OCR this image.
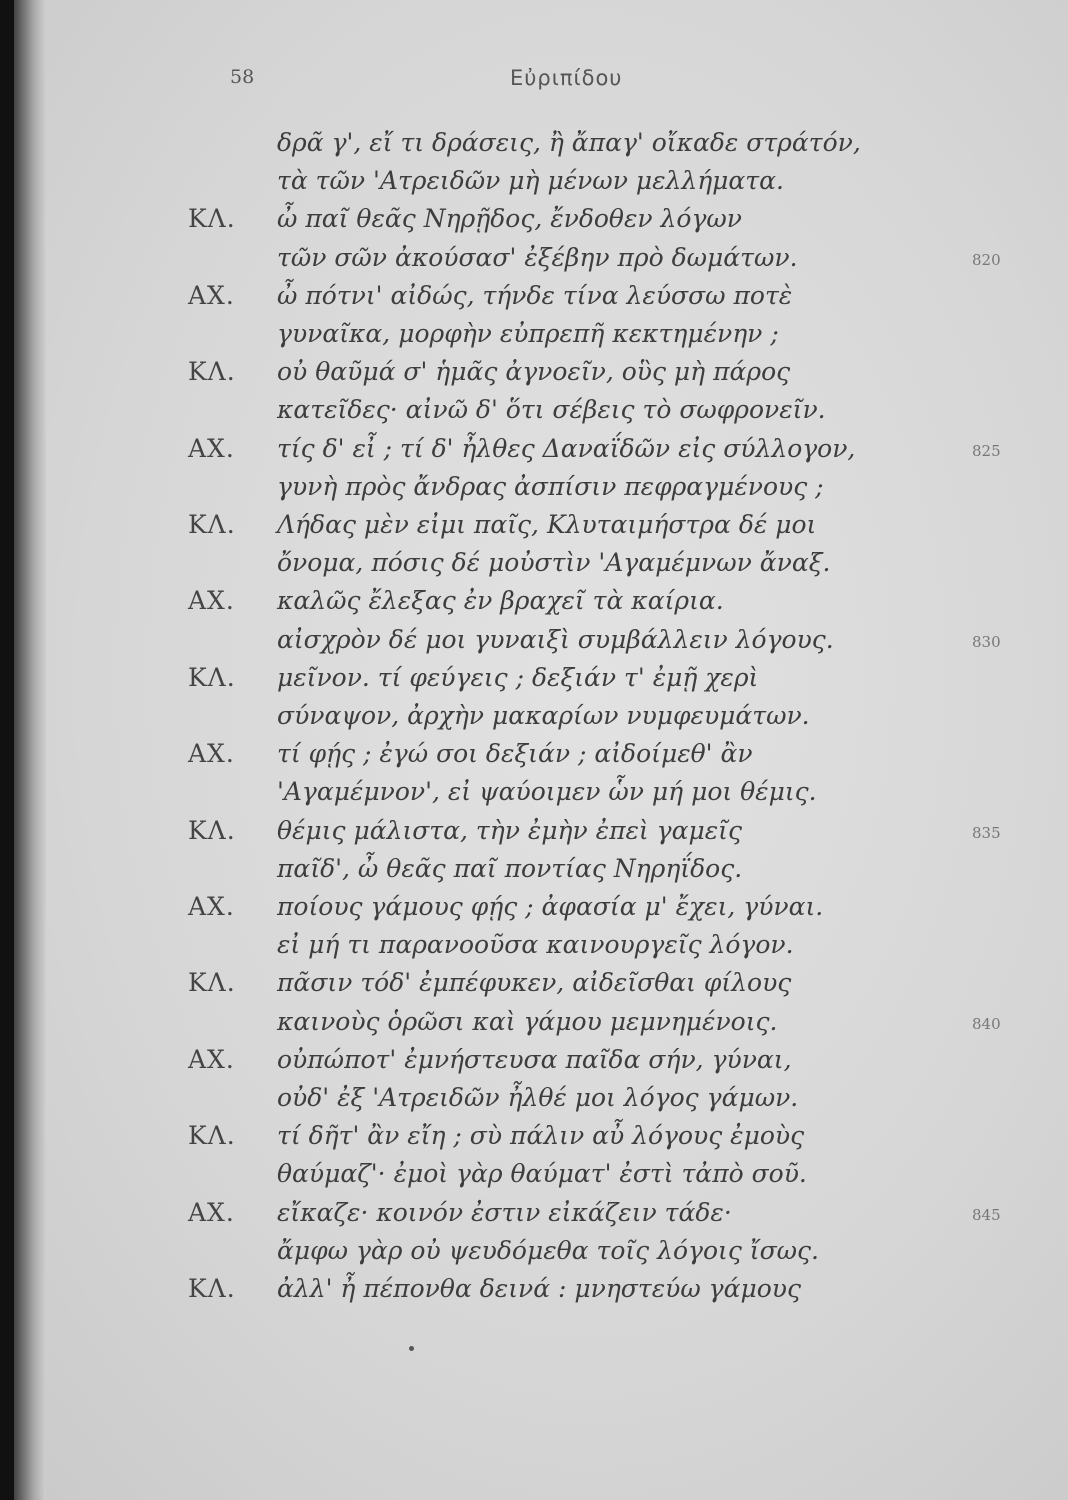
58	Εὐριπίδου
δρᾶ γ', εἴ τι δράσεις, ἢ ἄπαγ' οἴκαδε στράτόν,
τὰ τῶν 'Ατρειδῶν μὴ μένων μελλήματα.
ΚΛ. ὦ παῖ θεᾶς Νηρῇδος, ἔνδοθεν λόγων
τῶν σῶν ἀκούσασ' ἐξέβην πρὸ δωμάτων.	820
ΑΧ. ὦ πότνι' αἰδώς, τήνδε τίνα λεύσσω ποτὲ
γυναῖκα, μορφὴν εὐπρεπῆ κεκτημένην ;
ΚΛ. οὐ θαῦμά σ' ἡμᾶς ἀγνοεῖν, οὓς μὴ πάρος
κατεῖδες· αἰνῶ δ' ὅτι σέβεις τὸ σωφρονεῖν.
ΑΧ. τίς δ' εἶ ; τί δ' ἦλθες Δαναΐδῶν εἰς σύλλογον,	825
γυνὴ πρὸς ἄνδρας ἀσπίσιν πεφραγμένους ;
ΚΛ. Λήδας μὲν εἰμι παῖς, Κλυταιμήστρα δέ μοι
ὄνομα, πόσις δέ μοὐστὶν 'Αγαμέμνων ἄναξ.
ΑΧ. καλῶς ἔλεξας ἐν βραχεῖ τὰ καίρια.
αἰσχρὸν δέ μοι γυναιξὶ συμβάλλειν λόγους.	830
ΚΛ. μεῖνον. τί φεύγεις ; δεξιάν τ' ἐμῇ χερὶ
σύναψον, ἀρχὴν μακαρίων νυμφευμάτων.
ΑΧ. τί φῄς ; ἐγώ σοι δεξιάν ; αἰδοίμεθ' ἂν
'Αγαμέμνον', εἰ ψαύοιμεν ὧν μή μοι θέμις.
ΚΛ. θέμις μάλιστα, τὴν ἐμὴν ἐπεὶ γαμεῖς	835
παῖδ', ὦ θεᾶς παῖ ποντίας Νηρηΐδος.
ΑΧ. ποίους γάμους φῄς ; ἀφασία μ' ἔχει, γύναι.
εἰ μή τι παρανοοῦσα καινουργεῖς λόγον.
ΚΛ. πᾶσιν τόδ' ἐμπέφυκεν, αἰδεῖσθαι φίλους
καινοὺς ὁρῶσι καὶ γάμου μεμνημένοις.	840
ΑΧ. οὐπώποτ' ἐμνήστευσα παῖδα σήν, γύναι,
οὐδ' ἐξ 'Ατρειδῶν ἦλθέ μοι λόγος γάμων.
ΚΛ. τί δῆτ' ἂν εἴη ; σὺ πάλιν αὖ λόγους ἐμοὺς
θαύμαζ'· ἐμοὶ γὰρ θαύματ' ἐστὶ τἀπὸ σοῦ.
ΑΧ. εἴκαζε· κοινόν ἐστιν εἰκάζειν τάδε·	845
ἄμφω γὰρ οὐ ψευδόμεθα τοῖς λόγοις ἴσως.
ΚΛ. ἀλλ' ἦ πέπονθα δεινά : μνηστεύω γάμους
